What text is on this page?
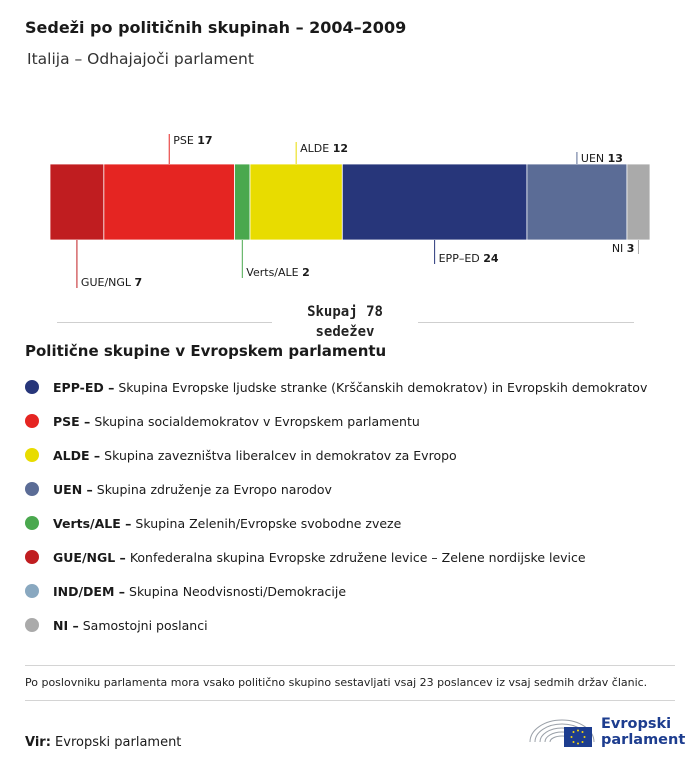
Sedeži po političnih skupinah – 2004–2009
Italija – Odhajajoči parlament
GUE/NGL 7
PSE 17
Verts/ALE 2
ALDE 12
EPP–ED 24
UEN 13
NI 3
Skupaj 78
sedežev
Politične skupine v Evropskem parlamentu
EPP-ED – Skupina Evropske ljudske stranke (Krščanskih demokratov) in Evropskih demokratov
PSE – Skupina socialdemokratov v Evropskem parlamentu
ALDE – Skupina zavezništva liberalcev in demokratov za Evropo
UEN – Skupina združenje za Evropo narodov
Verts/ALE – Skupina Zelenih/Evropske svobodne zveze
GUE/NGL – Konfederalna skupina Evropske združene levice – Zelene nordijske levice
IND/DEM – Skupina Neodvisnosti/Demokracije
NI – Samostojni poslanci
Po poslovniku parlamenta mora vsako politično skupino sestavljati vsaj 23 poslancev iz vsaj sedmih držav članic.
Vir: Evropski parlament
Evropski
parlament
